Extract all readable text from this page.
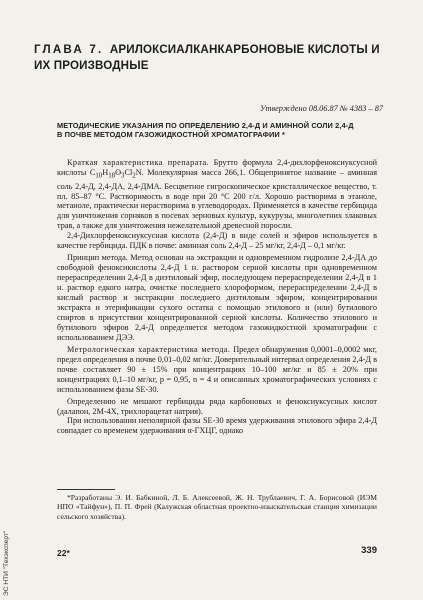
ГЛАВА 7. АРИЛОКСИАЛКАНКАРБОНОВЫЕ КИСЛОТЫ И ИХ ПРОИЗВОДНЫЕ
Утверждено 08.06.87 № 4383 – 87
МЕТОДИЧЕСКИЕ УКАЗАНИЯ ПО ОПРЕДЕЛЕНИЮ 2,4-Д И АМИННОЙ СОЛИ 2,4-Д В ПОЧВЕ МЕТОДОМ ГАЗОЖИДКОСТНОЙ ХРОМАТОГРАФИИ *

Краткая характеристика препарата. Брутто формула 2,4-дихлорфеноксиуксусной кислоты $C_{10}H_{18}O_3Cl_2N$. Молекулярная масса 266,1. Общепринятое название – аминная соль 2,4-Д, 2,4-ДА, 2,4-ДМА. Бесцветное гигроскопическое кристаллическое вещество, т. пл. 85–87 °С. Растворимость в воде при 20 °С 200 г/л. Хорошо растворима в этаноле, метаноле, практически нерастворима в углеводородах. Применяется в качестве гербицида для уничтожения сорняков в посевах зерновых культур, кукурузы, многолетних злаковых трав, а также для уничтожения нежелательной древесной поросли.

2,4-Дихлорфеноксиуксусная кислота (2,4-Д) в виде солей и эфиров используется в качестве гербицида. ПДК в почве: аминная соль 2,4-Д – 25 мг/кг, 2,4-Д – 0,1 мг/кг.

Принцип метода. Метод основан на экстракции и одновременном гидролизе 2,4-ДА до свободной феноксикислоты 2,4-Д 1 н. раствором серной кислоты при одновременном перераспределении 2,4-Д в диэтиловый эфир, последующем перераспределении 2,4-Д в 1 н. раствор едкого натра, очистке последнего хлороформом, перераспределении 2,4-Д в кислый раствор и экстракции последнего диэтиловым эфиром, концентрировании экстракта и этерификации сухого остатка с помощью этилового и (или) бутилового спиртов в присутствии концентрированной серной кислоты. Количество этилового и бутилового эфиров 2,4-Д определяется методом газожидкостной хроматографии с использованием ДЭЭ.

Метрологическая характеристика метода. Предел обнаружения 0,0001–0,0002 мкг, предел определения в почве 0,01–0,02 мг/кг. Доверительный интервал определения 2,4-Д в почве составляет 90 ± 15% при концентрациях 10–100 мг/кг и 85 ± 20% при концентрациях 0,1–10 мг/кг, p = 0,95, n = 4 и описанных хроматографических условиях с использованием фазы SE-30.

Определению не мешают гербициды ряда карбоновых и феноксиуксусных кислот (далапон, 2М-4Х, трихлорацетат натрия).

При использовании неполярной фазы SE-30 время удерживания этилового эфира 2,4-Д совпадает со временем удерживания α-ГХЦГ, однако

*Разработаны Э. И. Бабкиной, Л. Б. Алексеевой, Ж. Н. Трублаевич, Г. А. Борисовой (ИЭМ НПО «Тайфун»), П. П. Фрей (Калужская областная проектно-изыскательская станция химизации сельского хозяйства).

22*	339
ЭС НТИ "Техэксперт"
